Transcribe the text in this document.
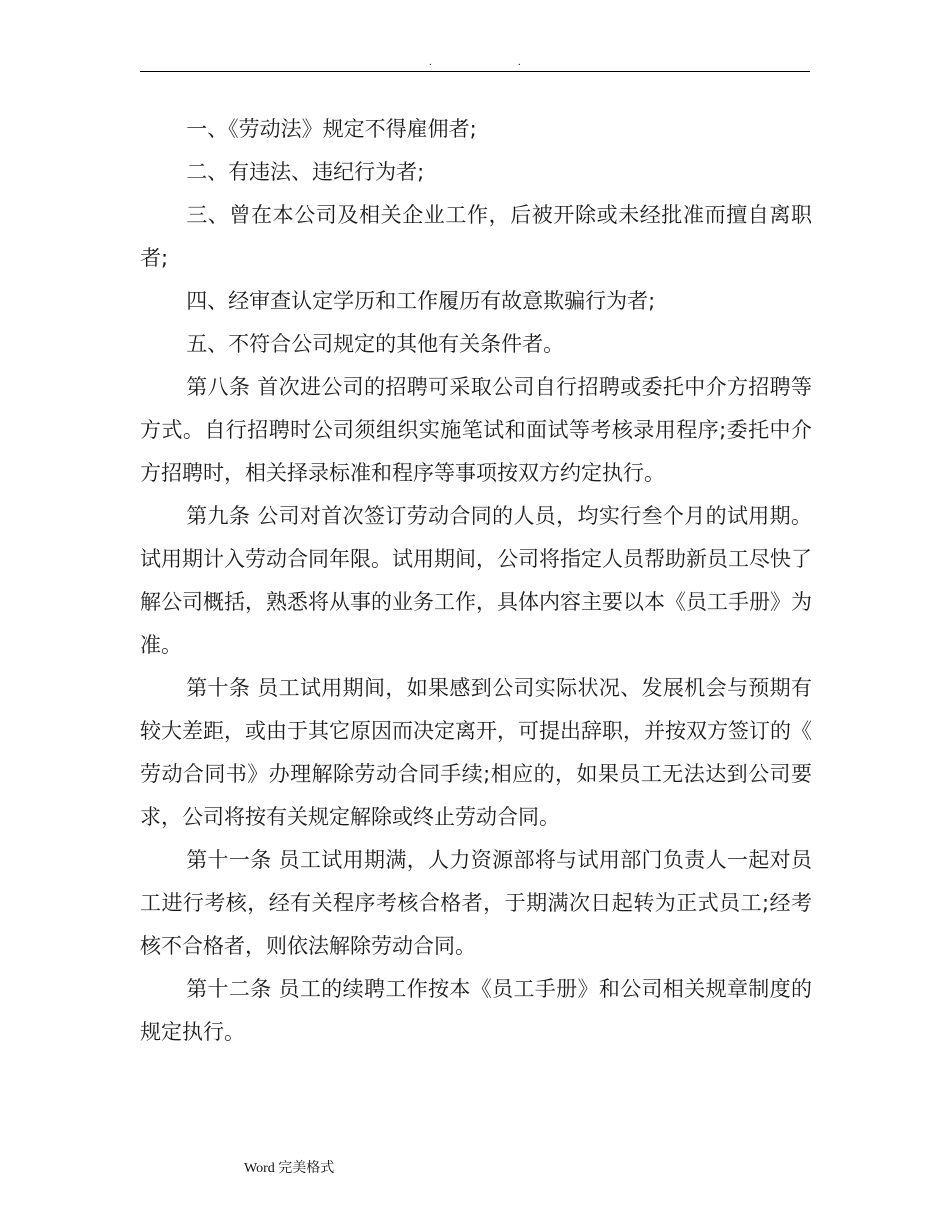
.	.

一、《劳动法》规定不得雇佣者;

二、有违法、违纪行为者;

三、曾在本公司及相关企业工作，后被开除或未经批准而擅自离职者;

四、经审查认定学历和工作履历有故意欺骗行为者;

五、不符合公司规定的其他有关条件者。

第八条 首次进公司的招聘可采取公司自行招聘或委托中介方招聘等方式。自行招聘时公司须组织实施笔试和面试等考核录用程序;委托中介方招聘时，相关择录标准和程序等事项按双方约定执行。

第九条 公司对首次签订劳动合同的人员，均实行叁个月的试用期。试用期计入劳动合同年限。试用期间，公司将指定人员帮助新员工尽快了解公司概括，熟悉将从事的业务工作，具体内容主要以本《员工手册》为准。

第十条 员工试用期间，如果感到公司实际状况、发展机会与预期有较大差距，或由于其它原因而决定离开，可提出辞职，并按双方签订的《劳动合同书》办理解除劳动合同手续;相应的，如果员工无法达到公司要求，公司将按有关规定解除或终止劳动合同。

第十一条 员工试用期满，人力资源部将与试用部门负责人一起对员工进行考核，经有关程序考核合格者，于期满次日起转为正式员工;经考核不合格者，则依法解除劳动合同。

第十二条 员工的续聘工作按本《员工手册》和公司相关规章制度的规定执行。

Word 完美格式
